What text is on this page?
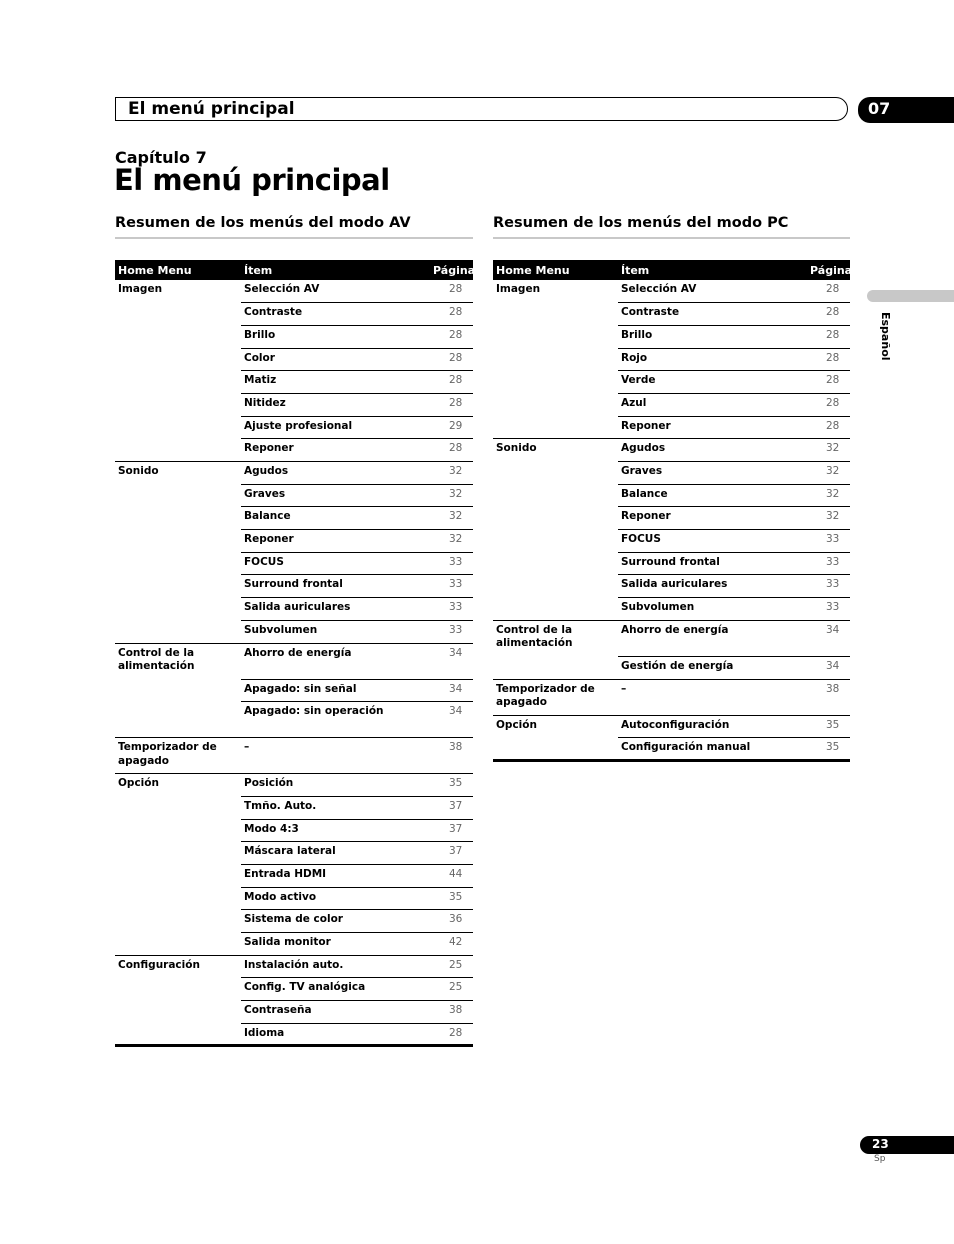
El menú principal	07
Capítulo 7
El menú principal
Resumen de los menús del modo AV	Resumen de los menús del modo PC
Home Menu	Ítem	Página
Imagen	Selección AV	28
	Contraste	28
	Brillo	28
	Color	28
	Matiz	28
	Nitidez	28
	Ajuste profesional	29
	Reponer	28
Sonido	Agudos	32
	Graves	32
	Balance	32
	Reponer	32
	FOCUS	33
	Surround frontal	33
	Salida auriculares	33
	Subvolumen	33
Control de la alimentación	Ahorro de energía	34
	Apagado: sin señal	34
	Apagado: sin operación	34
Temporizador de apagado	–	38
Opción	Posición	35
	Tmño. Auto.	37
	Modo 4:3	37
	Máscara lateral	37
	Entrada HDMI	44
	Modo activo	35
	Sistema de color	36
	Salida monitor	42
Configuración	Instalación auto.	25
	Config. TV analógica	25
	Contraseña	38
	Idioma	28

Home Menu	Ítem	Página
Imagen	Selección AV	28
	Contraste	28
	Brillo	28
	Rojo	28
	Verde	28
	Azul	28
	Reponer	28
Sonido	Agudos	32
	Graves	32
	Balance	32
	Reponer	32
	FOCUS	33
	Surround frontal	33
	Salida auriculares	33
	Subvolumen	33
Control de la alimentación	Ahorro de energía	34
	Gestión de energía	34
Temporizador de apagado	–	38
Opción	Autoconfiguración	35
	Configuración manual	35

Español
23
Sp
